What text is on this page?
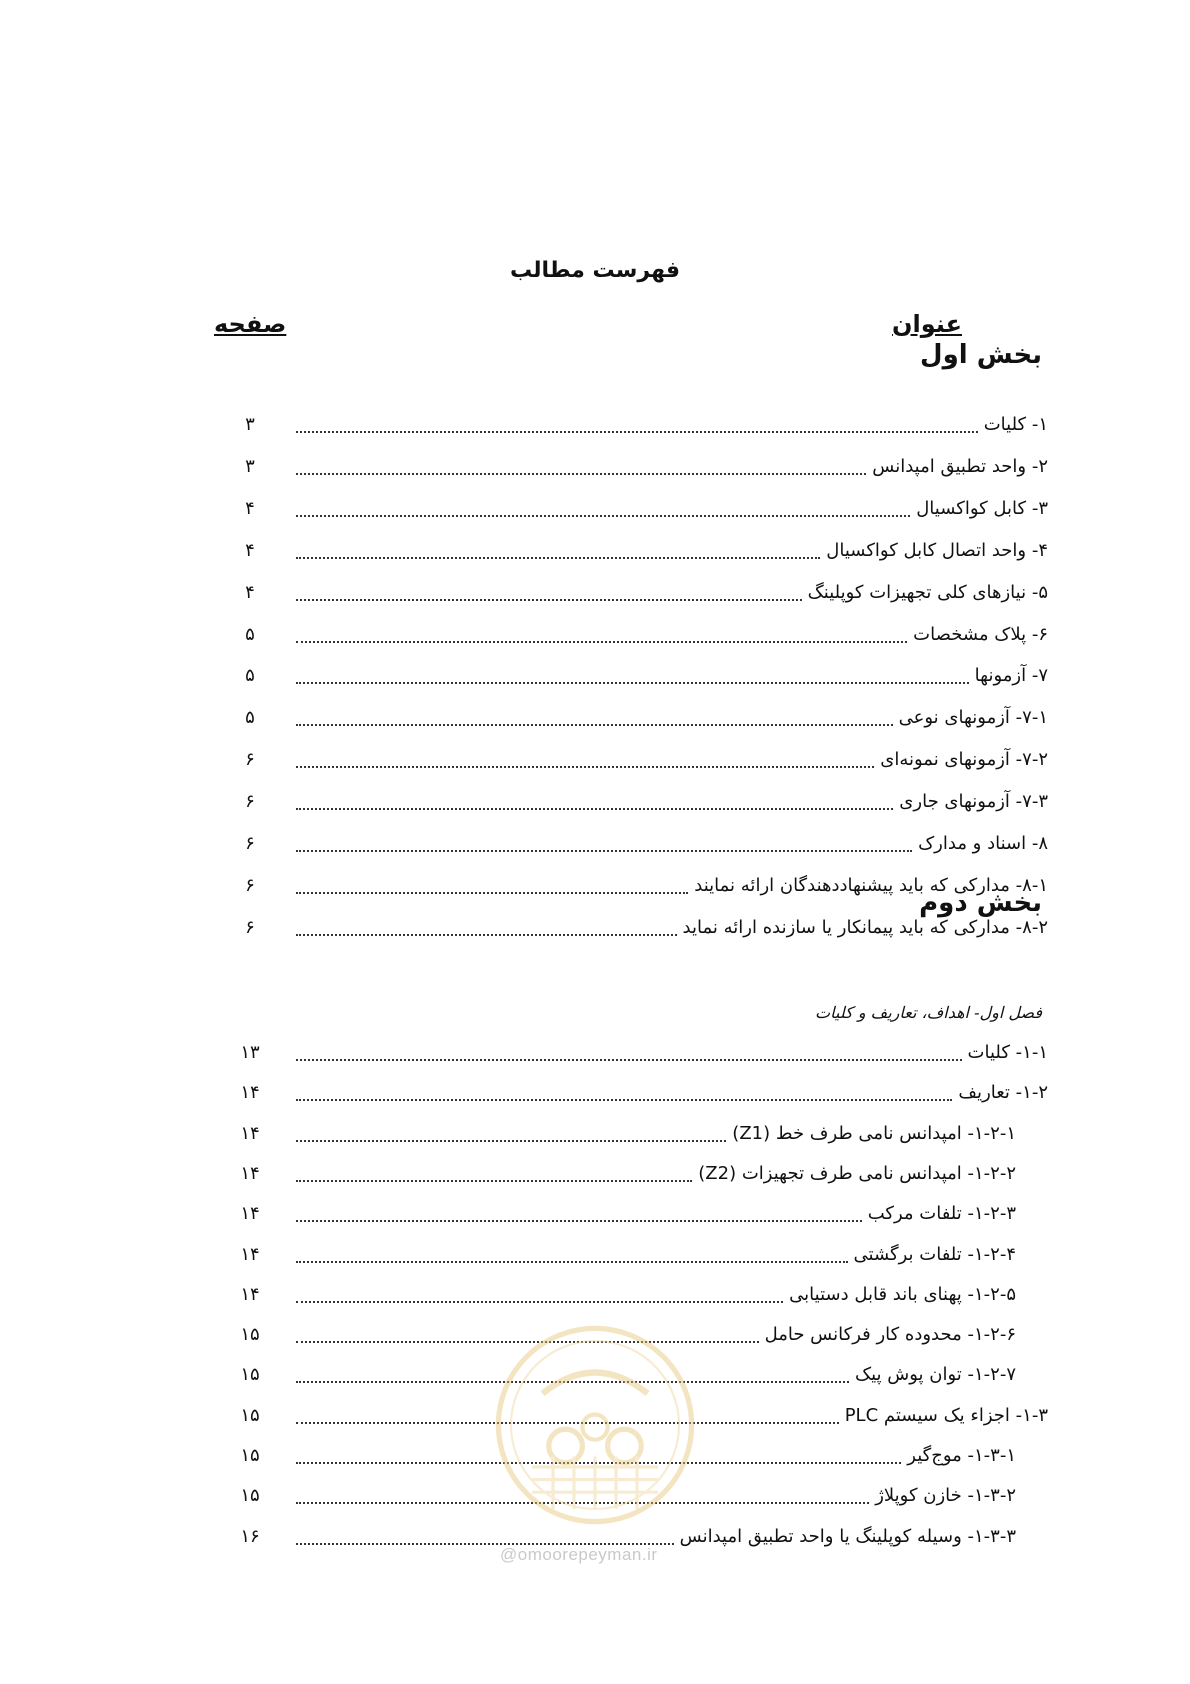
فهرست مطالب
عنوان
صفحه
بخش اول
بخش دوم
فصل اول- اهداف، تعاریف و کلیات
۱- کلیات
۳
۲- واحد تطبیق امپدانس
۳
۳- کابل کواکسیال
۴
۴- واحد اتصال کابل کواکسیال
۴
۵- نیازهای کلی تجهیزات کوپلینگ
۴
۶- پلاک مشخصات
۵
۷- آزمونها
۵
۷-۱- آزمونهای نوعی
۵
۷-۲- آزمونهای نمونه‌ای
۶
۷-۳- آزمونهای جاری
۶
۸- اسناد و مدارک
۶
۸-۱- مدارکی که باید پیشنهاددهندگان ارائه نمایند
۶
۸-۲- مدارکی که باید پیمانکار یا سازنده ارائه نماید
۶
۱-۱- کلیات
۱۳
۱-۲- تعاریف
۱۴
۱-۲-۱- امپدانس نامی طرف خط (Z1)
۱۴
۱-۲-۲- امپدانس نامی طرف تجهیزات (Z2)
۱۴
۱-۲-۳- تلفات مرکب
۱۴
۱-۲-۴- تلفات برگشتی
۱۴
۱-۲-۵- پهنای باند قابل دستیابی
۱۴
۱-۲-۶- محدوده کار فرکانس حامل
۱۵
۱-۲-۷- توان پوش پیک
۱۵
۱-۳- اجزاء یک سیستم PLC
۱۵
۱-۳-۱- موج‌گیر
۱۵
۱-۳-۲- خازن کوپلاژ
۱۵
۱-۳-۳- وسیله کوپلینگ یا واحد تطبیق امپدانس
۱۶
@omoorepeyman.ir
